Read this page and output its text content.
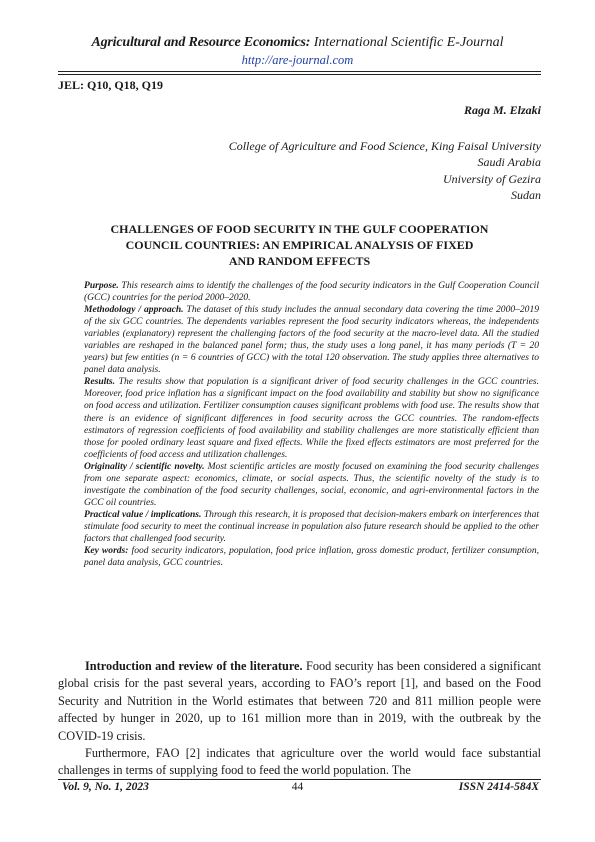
Agricultural and Resource Economics: International Scientific E-Journal
http://are-journal.com
JEL: Q10, Q18, Q19
Raga M. Elzaki
College of Agriculture and Food Science, King Faisal University
Saudi Arabia
University of Gezira
Sudan
CHALLENGES OF FOOD SECURITY IN THE GULF COOPERATION
COUNCIL COUNTRIES: AN EMPIRICAL ANALYSIS OF FIXED
AND RANDOM EFFECTS

Purpose. This research aims to identify the challenges of the food security indicators in the Gulf Cooperation Council (GCC) countries for the period 2000–2020.

Methodology / approach. The dataset of this study includes the annual secondary data covering the time 2000–2019 of the six GCC countries. The dependents variables represent the food security indicators whereas, the independents variables (explanatory) represent the challenging factors of the food security at the macro-level data. All the studied variables are reshaped in the balanced panel form; thus, the study uses a long panel, it has many periods (T = 20 years) but few entities (n = 6 countries of GCC) with the total 120 observation. The study applies three alternatives to panel data analysis.

Results. The results show that population is a significant driver of food security challenges in the GCC countries. Moreover, food price inflation has a significant impact on the food availability and stability but show no significance on food access and utilization. Fertilizer consumption causes significant problems with food use. The results show that there is an evidence of significant differences in food security across the GCC countries. The random-effects estimators of regression coefficients of food availability and stability challenges are more statistically efficient than those for pooled ordinary least square and fixed effects. While the fixed effects estimators are most preferred for the coefficients of food access and utilization challenges.

Originality / scientific novelty. Most scientific articles are mostly focused on examining the food security challenges from one separate aspect: economics, climate, or social aspects. Thus, the scientific novelty of the study is to investigate the combination of the food security challenges, social, economic, and agri-environmental factors in the GCC oil countries.

Practical value / implications. Through this research, it is proposed that decision-makers embark on interferences that stimulate food security to meet the continual increase in population also future research should be applied to the other factors that challenged food security.

Key words: food security indicators, population, food price inflation, gross domestic product, fertilizer consumption, panel data analysis, GCC countries.

Introduction and review of the literature. Food security has been considered a significant global crisis for the past several years, according to FAO’s report [1], and based on the Food Security and Nutrition in the World estimates that between 720 and 811 million people were affected by hunger in 2020, up to 161 million more than in 2019, with the outbreak by the COVID-19 crisis.

Furthermore, FAO [2] indicates that agriculture over the world would face substantial challenges in terms of supplying food to feed the world population. The

Vol. 9, No. 1, 2023	44	ISSN 2414-584X
